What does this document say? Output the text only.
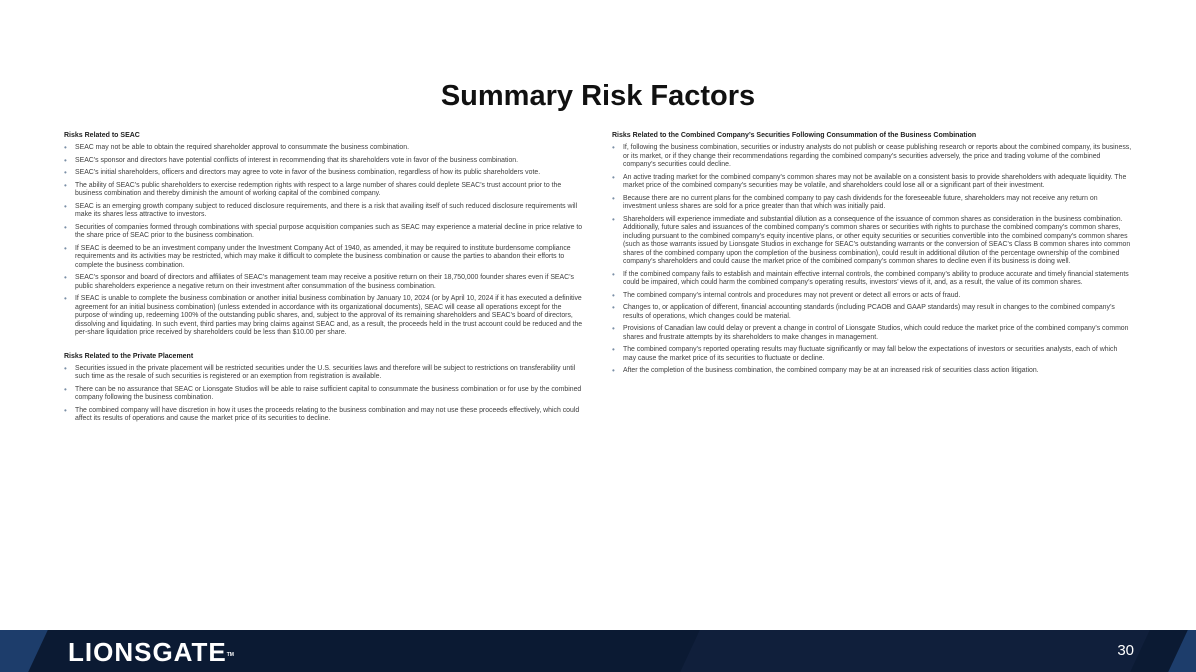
Summary Risk Factors
Risks Related to SEAC
• SEAC may not be able to obtain the required shareholder approval to consummate the business combination.
• SEAC’s sponsor and directors have potential conflicts of interest in recommending that its shareholders vote in favor of the business combination.
• SEAC’s initial shareholders, officers and directors may agree to vote in favor of the business combination, regardless of how its public shareholders vote.
• The ability of SEAC’s public shareholders to exercise redemption rights with respect to a large number of shares could deplete SEAC’s trust account prior to the business combination and thereby diminish the amount of working capital of the combined company.
• SEAC is an emerging growth company subject to reduced disclosure requirements, and there is a risk that availing itself of such reduced disclosure requirements will make its shares less attractive to investors.
• Securities of companies formed through combinations with special purpose acquisition companies such as SEAC may experience a material decline in price relative to the share price of SEAC prior to the business combination.
• If SEAC is deemed to be an investment company under the Investment Company Act of 1940, as amended, it may be required to institute burdensome compliance requirements and its activities may be restricted, which may make it difficult to complete the business combination or cause the parties to abandon their efforts to complete the business combination.
• SEAC’s sponsor and board of directors and affiliates of SEAC’s management team may receive a positive return on their 18,750,000 founder shares even if SEAC’s public shareholders experience a negative return on their investment after consummation of the business combination.
• If SEAC is unable to complete the business combination or another initial business combination by January 10, 2024 (or by April 10, 2024 if it has executed a definitive agreement for an initial business combination) (unless extended in accordance with its organizational documents), SEAC will cease all operations except for the purpose of winding up, redeeming 100% of the outstanding public shares, and, subject to the approval of its remaining shareholders and SEAC’s board of directors, dissolving and liquidating. In such event, third parties may bring claims against SEAC and, as a result, the proceeds held in the trust account could be reduced and the per-share liquidation price received by shareholders could be less than $10.00 per share.
Risks Related to the Private Placement
• Securities issued in the private placement will be restricted securities under the U.S. securities laws and therefore will be subject to restrictions on transferability until such time as the resale of such securities is registered or an exemption from registration is available.
• There can be no assurance that SEAC or Lionsgate Studios will be able to raise sufficient capital to consummate the business combination or for use by the combined company following the business combination.
• The combined company will have discretion in how it uses the proceeds relating to the business combination and may not use these proceeds effectively, which could affect its results of operations and cause the market price of its securities to decline.
Risks Related to the Combined Company’s Securities Following Consummation of the Business Combination
• If, following the business combination, securities or industry analysts do not publish or cease publishing research or reports about the combined company, its business, or its market, or if they change their recommendations regarding the combined company’s securities adversely, the price and trading volume of the combined company’s securities could decline.
• An active trading market for the combined company’s common shares may not be available on a consistent basis to provide shareholders with adequate liquidity. The market price of the combined company’s securities may be volatile, and shareholders could lose all or a significant part of their investment.
• Because there are no current plans for the combined company to pay cash dividends for the foreseeable future, shareholders may not receive any return on investment unless shares are sold for a price greater than that which was initially paid.
• Shareholders will experience immediate and substantial dilution as a consequence of the issuance of common shares as consideration in the business combination. Additionally, future sales and issuances of the combined company’s common shares or securities with rights to purchase the combined company’s common shares, including pursuant to the combined company’s equity incentive plans, or other equity securities or securities convertible into the combined company’s common shares (such as those warrants issued by Lionsgate Studios in exchange for SEAC’s outstanding warrants or the conversion of SEAC’s Class B common shares into common shares of the combined company upon the completion of the business combination), could result in additional dilution of the percentage ownership of the combined company’s shareholders and could cause the market price of the combined company’s common shares to decline even if its business is doing well.
• If the combined company fails to establish and maintain effective internal controls, the combined company’s ability to produce accurate and timely financial statements could be impaired, which could harm the combined company’s operating results, investors’ views of it, and, as a result, the value of its common shares.
• The combined company’s internal controls and procedures may not prevent or detect all errors or acts of fraud.
• Changes to, or application of different, financial accounting standards (including PCAOB and GAAP standards) may result in changes to the combined company’s results of operations, which changes could be material.
• Provisions of Canadian law could delay or prevent a change in control of Lionsgate Studios, which could reduce the market price of the combined company’s common shares and frustrate attempts by its shareholders to make changes in management.
• The combined company’s reported operating results may fluctuate significantly or may fall below the expectations of investors or securities analysts, each of which may cause the market price of its securities to fluctuate or decline.
• After the completion of the business combination, the combined company may be at an increased risk of securities class action litigation.
LIONSGATE™	30
